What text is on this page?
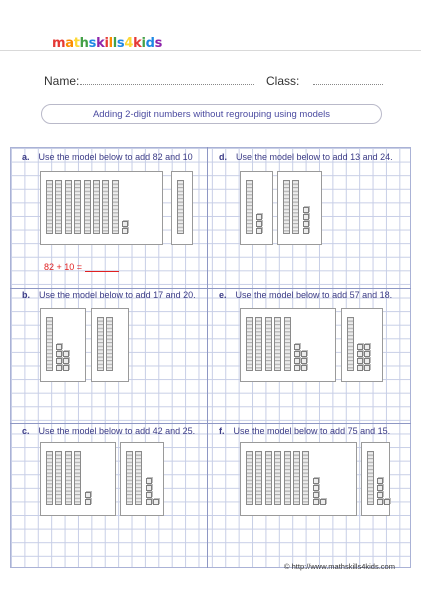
mathskills4kids
Name:	Class:
Adding 2-digit numbers without regrouping using models
a. Use the model below to add 82 and 10	d. Use the model below to add 13 and 24.
b. Use the model below to add 17 and 20.	e. Use the model below to add 57 and 18.
c. Use the model below to add 42 and 25.	f. Use the model below to add 75 and 15.
82 + 10 =
© http://www.mathskills4kids.com
